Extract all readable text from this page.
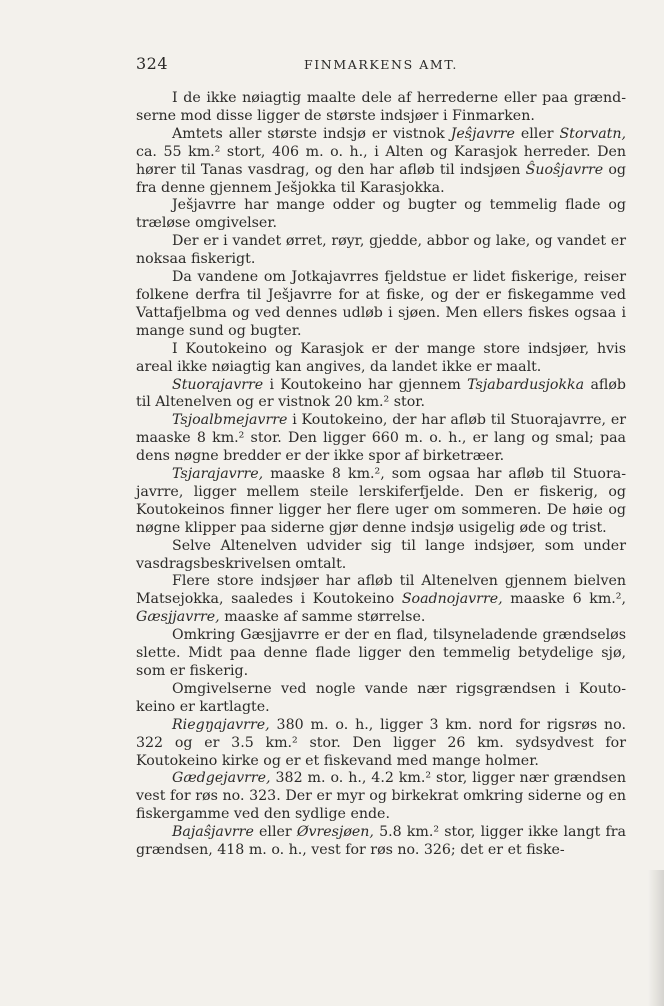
324	FINMARKENS AMT.

I de ikke nøiagtig maalte dele af herrederne eller paa grændserne mod disse ligger de største indsjøer i Finmarken.

Amtets aller største indsjø er vistnok Jeŝjavrre eller Storvatn, ca. 55 km.² stort, 406 m. o. h., i Alten og Karasjok herreder. Den hører til Tanas vasdrag, og den har afløb til indsjøen Ŝuoŝjavrre og fra denne gjennem Ješjokka til Karasjokka.

Ješjavrre har mange odder og bugter og temmelig flade og træløse omgivelser.

Der er i vandet ørret, røyr, gjedde, abbor og lake, og vandet er noksaa fiskerigt.

Da vandene om Jotkajavrres fjeldstue er lidet fiskerige, reiser folkene derfra til Ješjavrre for at fiske, og der er fiskegamme ved Vattafjelbma og ved dennes udløb i sjøen. Men ellers fiskes ogsaa i mange sund og bugter.

I Koutokeino og Karasjok er der mange store indsjøer, hvis areal ikke nøiagtig kan angives, da landet ikke er maalt.

Stuorajavrre i Koutokeino har gjennem Tsjabardusjokka afløb til Altenelven og er vistnok 20 km.² stor.

Tsjoalbmejavrre i Koutokeino, der har afløb til Stuorajavrre, er maaske 8 km.² stor. Den ligger 660 m. o. h., er lang og smal; paa dens nøgne bredder er der ikke spor af birketræer.

Tsjarajavrre, maaske 8 km.², som ogsaa har afløb til Stuorajavrre, ligger mellem steile lerskiferfjelde. Den er fiskerig, og Koutokeinos finner ligger her flere uger om sommeren. De høie og nøgne klipper paa siderne gjør denne indsjø usigelig øde og trist.

Selve Altenelven udvider sig til lange indsjøer, som under vasdragsbeskrivelsen omtalt.

Flere store indsjøer har afløb til Altenelven gjennem bielven Matsejokka, saaledes i Koutokeino Soadnojavrre, maaske 6 km.², Gæsjjavrre, maaske af samme størrelse.

Omkring Gæsjjavrre er der en flad, tilsyneladende grændseløs slette. Midt paa denne flade ligger den temmelig betydelige sjø, som er fiskerig.

Omgivelserne ved nogle vande nær rigsgrændsen i Koutokeino er kartlagte.

Riegŋajavrre, 380 m. o. h., ligger 3 km. nord for rigsrøs no. 322 og er 3.5 km.² stor. Den ligger 26 km. sydsydvest for Koutokeino kirke og er et fiskevand med mange holmer.

Gædgejavrre, 382 m. o. h., 4.2 km.² stor, ligger nær grændsen vest for røs no. 323. Der er myr og birkekrat omkring siderne og en fiskergamme ved den sydlige ende.

Bajaŝjavrre eller Øvresjøen, 5.8 km.² stor, ligger ikke langt fra grændsen, 418 m. o. h., vest for røs no. 326; det er et fiske-
